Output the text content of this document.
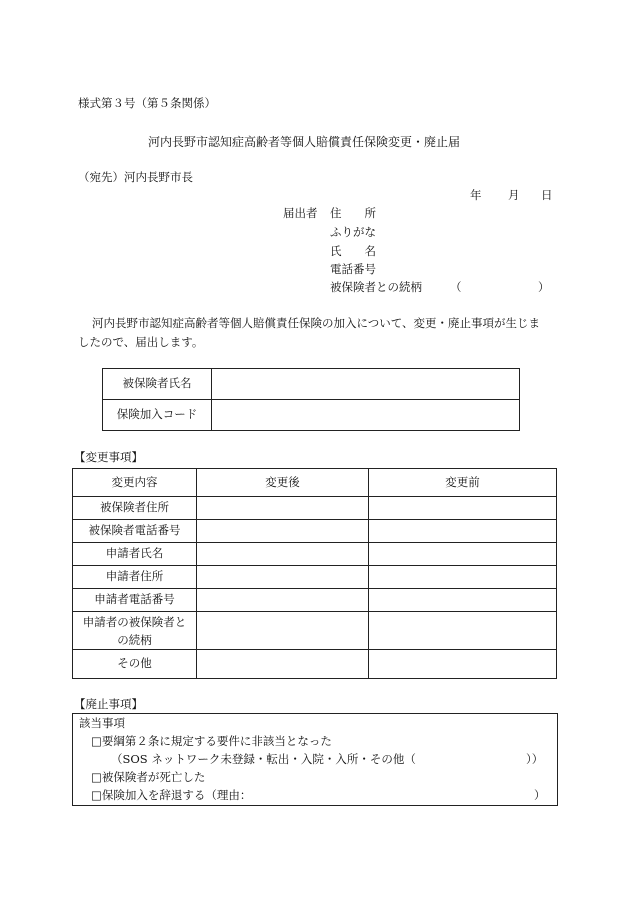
様式第３号（第５条関係）
河内長野市認知症高齢者等個人賠償責任保険変更・廃止届
（宛先）河内長野市長
年 月 日
届出者 住　　所
ふりがな
氏　　名
電話番号
被保険者との続柄 （	）
河内長野市認知症高齢者等個人賠償責任保険の加入について、変更・廃止事項が生じま
したので、届出します。
被保険者氏名	
保険加入コード	
【変更事項】
変更内容	変更後	変更前
被保険者住所		
被保険者電話番号		
申請者氏名		
申請者住所		
申請者電話番号		
申請者の被保険者と
の続柄		
その他		
【廃止事項】
該当事項
□要綱第２条に規定する要件に非該当となった
（SOS ネットワーク未登録・転出・入院・入所・その他（	））
□被保険者が死亡した
□保険加入を辞退する（理由：	）
